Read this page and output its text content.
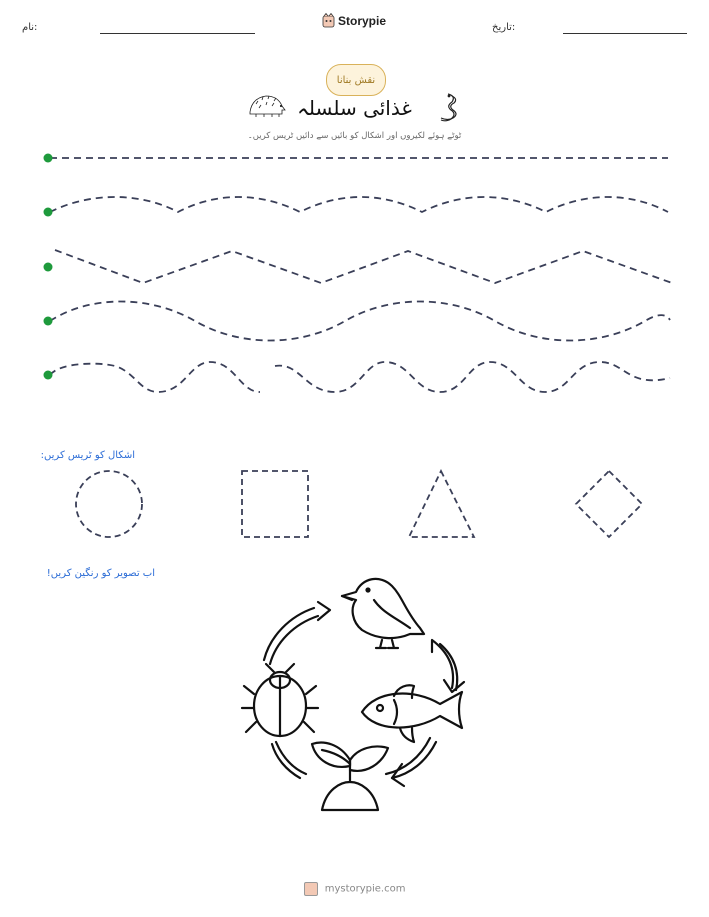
نام:	Storypie	تاریخ:
نقش بنانا
غذائی سلسلہ
ٹوٹے ہوئے لکیروں اور اشکال کو بائیں سے دائیں ٹریس کریں۔
اشکال کو ٹریس کریں:
اب تصویر کو رنگین کریں!
mystorypie.com
